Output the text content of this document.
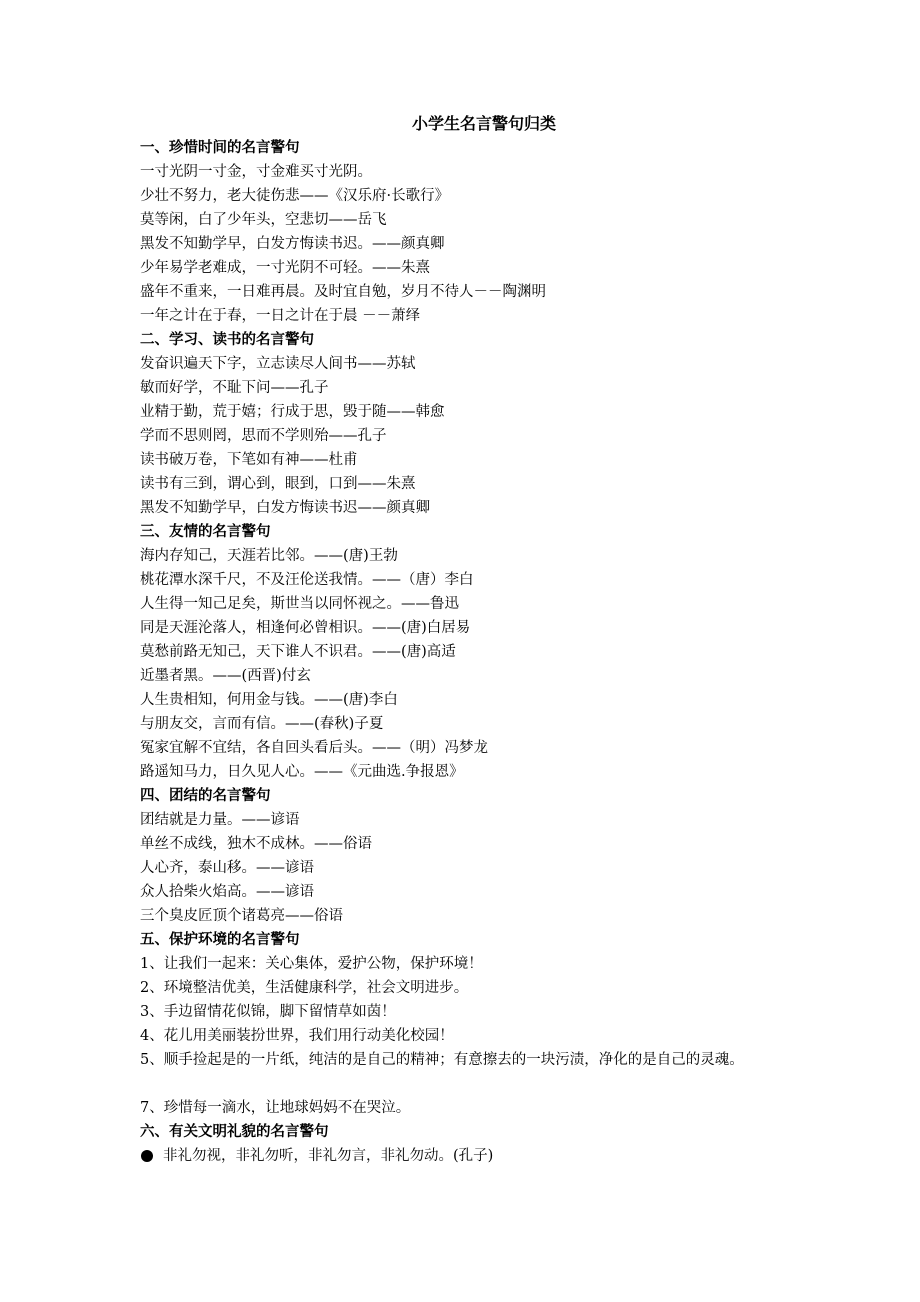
小学生名言警句归类
一、珍惜时间的名言警句
一寸光阴一寸金，寸金难买寸光阴。
少壮不努力，老大徒伤悲——《汉乐府·长歌行》
莫等闲，白了少年头，空悲切——岳飞
黑发不知勤学早，白发方悔读书迟。——颜真卿
少年易学老难成，一寸光阴不可轻。——朱熹
盛年不重来，一日难再晨。及时宜自勉，岁月不待人－－陶渊明
一年之计在于春，一日之计在于晨 －－萧绎
二、学习、读书的名言警句
发奋识遍天下字，立志读尽人间书——苏轼
敏而好学，不耻下问——孔子
业精于勤，荒于嬉；行成于思，毁于随——韩愈
学而不思则罔，思而不学则殆——孔子
读书破万卷，下笔如有神——杜甫
读书有三到，谓心到，眼到，口到——朱熹
黑发不知勤学早，白发方悔读书迟——颜真卿
三、友情的名言警句
海内存知己，天涯若比邻。——(唐)王勃
桃花潭水深千尺，不及汪伦送我情。——（唐）李白
人生得一知己足矣，斯世当以同怀视之。——鲁迅
同是天涯沦落人，相逢何必曾相识。——(唐)白居易
莫愁前路无知己，天下谁人不识君。——(唐)高适
近墨者黑。——(西晋)付玄
人生贵相知，何用金与钱。——(唐)李白
与朋友交，言而有信。——(春秋)子夏
冤家宜解不宜结，各自回头看后头。——（明）冯梦龙
路遥知马力，日久见人心。——《元曲选.争报恩》
四、团结的名言警句
团结就是力量。——谚语
单丝不成线，独木不成林。——俗语
人心齐，泰山移。——谚语
众人拾柴火焰高。——谚语
三个臭皮匠顶个诸葛亮——俗语
五、保护环境的名言警句
1、让我们一起来：关心集体，爱护公物，保护环境！
2、环境整洁优美，生活健康科学，社会文明进步。
3、手边留情花似锦，脚下留情草如茵！
4、花儿用美丽装扮世界，我们用行动美化校园！
5、顺手捡起是的一片纸，纯洁的是自己的精神；有意擦去的一块污渍，净化的是自己的灵魂。
7、珍惜每一滴水，让地球妈妈不在哭泣。
六、有关文明礼貌的名言警句
非礼勿视，非礼勿听，非礼勿言，非礼勿动。(孔子)
